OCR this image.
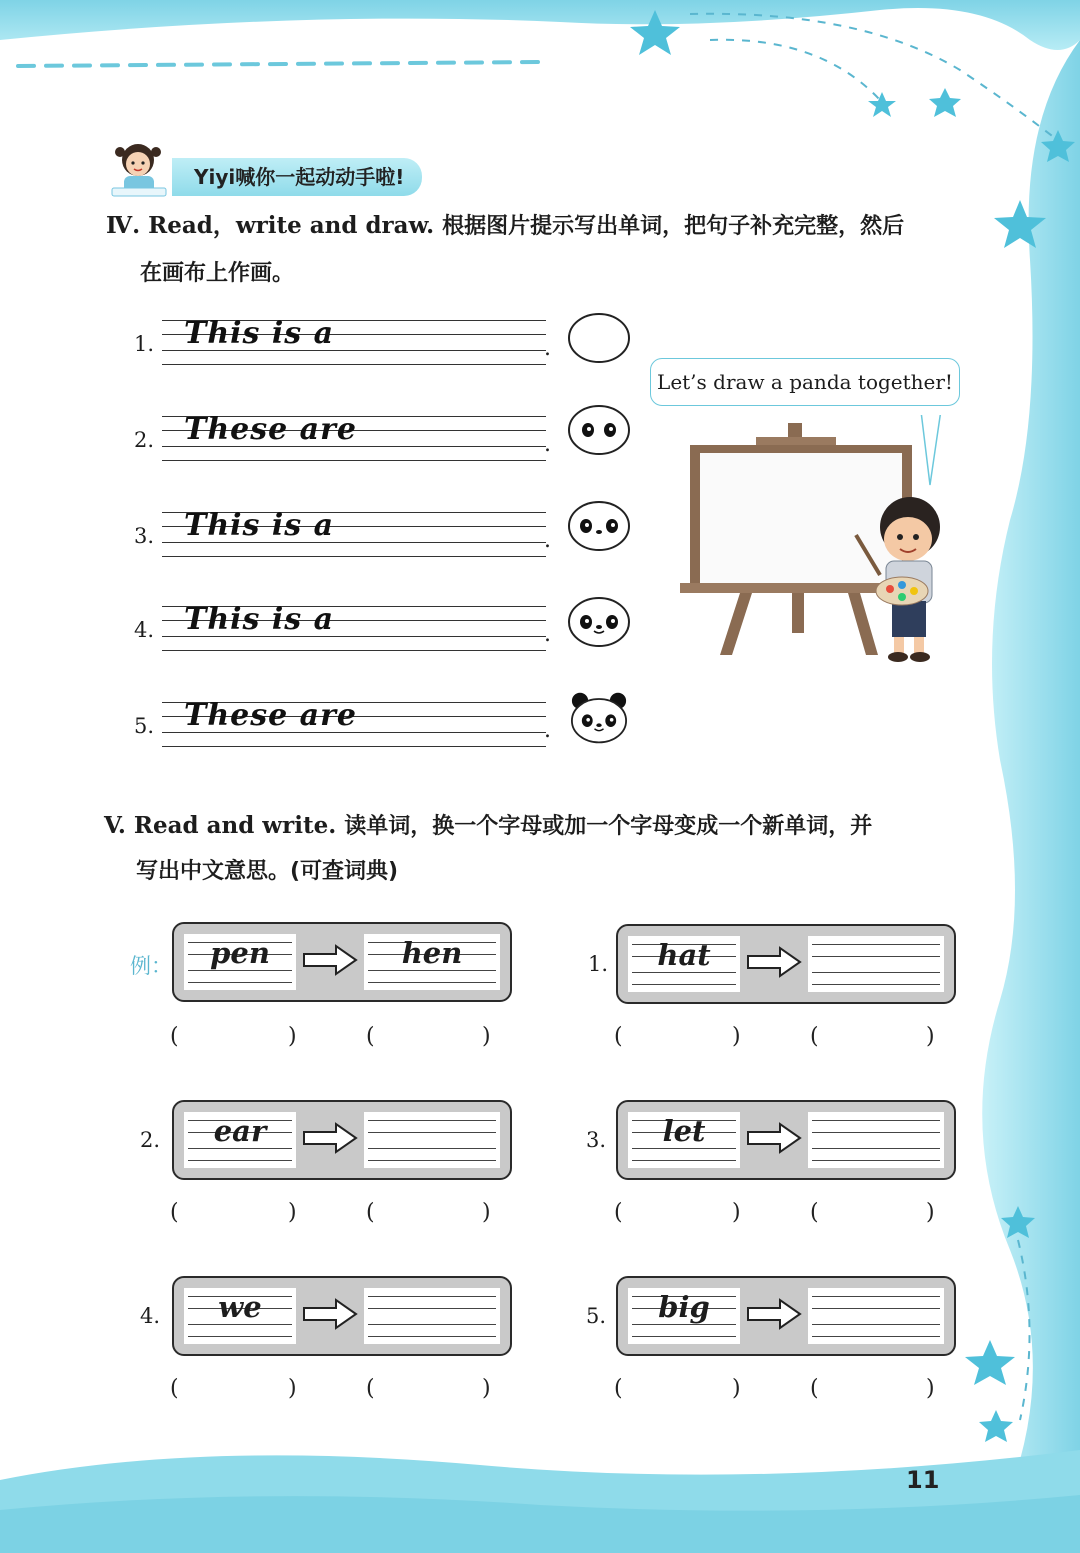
Yiyi喊你一起动动手啦!
Ⅳ. Read，write and draw. 根据图片提示写出单词，把句子补充完整，然后
在画布上作画。
1. This is a	.
2. These are	.
3. This is a	.
4. This is a	.
5. These are	.
Let’s draw a panda together!
V. Read and write. 读单词，换一个字母或加一个字母变成一个新单词，并
写出中文意思。(可查词典)
例：	pen	hen
(	)	(	)
1.	hat
(	)	(	)
2.	ear
(	)	(	)
3.	let
(	)	(	)
4.	we
(	)	(	)
5.	big
(	)	(	)
11
